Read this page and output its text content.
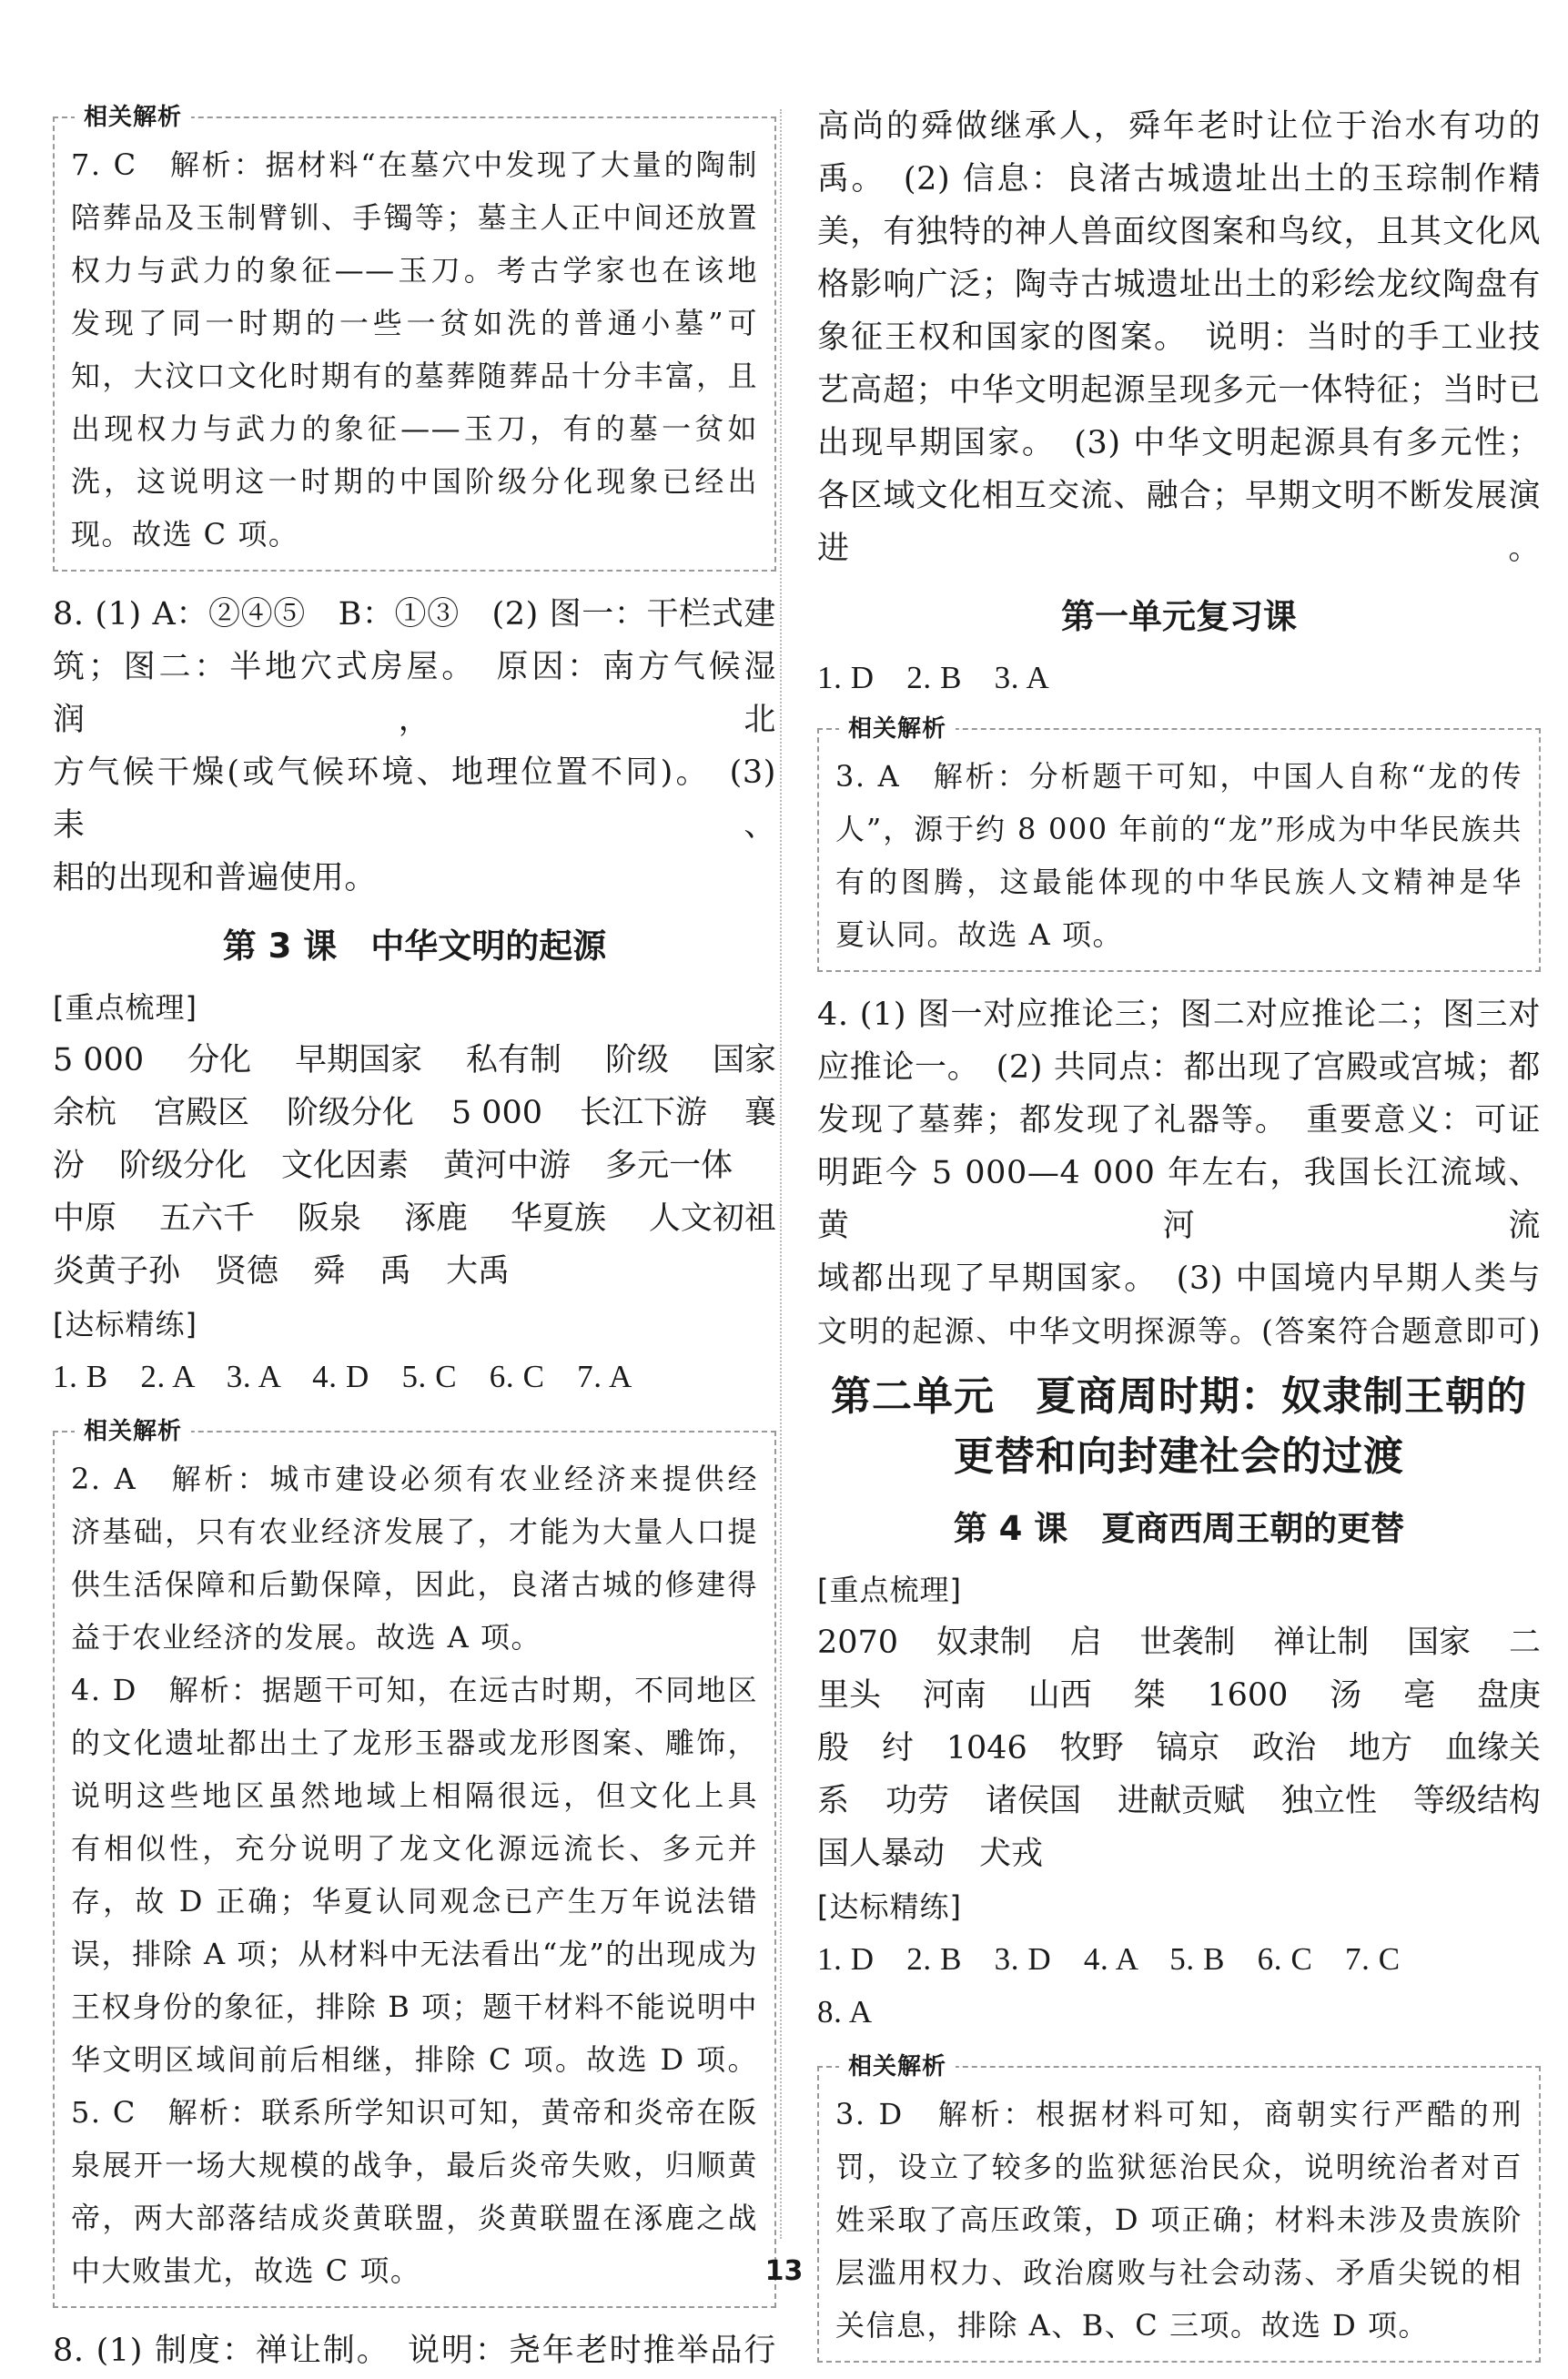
相关解析
7. C　解析：据材料“在墓穴中发现了大量的陶制
陪葬品及玉制臂钏、手镯等；墓主人正中间还放置
权力与武力的象征——玉刀。考古学家也在该地
发现了同一时期的一些一贫如洗的普通小墓”可
知，大汶口文化时期有的墓葬随葬品十分丰富，且
出现权力与武力的象征——玉刀，有的墓一贫如
洗，这说明这一时期的中国阶级分化现象已经出
现。故选 C 项。
8. (1) A：②④⑤　B：①③　(2) 图一：干栏式建
筑；图二：半地穴式房屋。　原因：南方气候湿润，北
方气候干燥(或气候环境、地理位置不同)。　(3) 耒、
耜的出现和普遍使用。
第 3 课　中华文明的起源
[重点梳理]
5 000 分化 早期国家 私有制 阶级 国家
余杭 宫殿区 阶级分化 5 000 长江下游 襄
汾 阶级分化 文化因素 黄河中游 多元一体
中原 五六千 阪泉 涿鹿 华夏族 人文初祖
炎黄子孙 贤德 舜 禹 大禹
[达标精练]
1. B　2. A　3. A　4. D　5. C　6. C　7. A
相关解析
2. A　解析：城市建设必须有农业经济来提供经
济基础，只有农业经济发展了，才能为大量人口提
供生活保障和后勤保障，因此，良渚古城的修建得
益于农业经济的发展。故选 A 项。
4. D　解析：据题干可知，在远古时期，不同地区
的文化遗址都出土了龙形玉器或龙形图案、雕饰，
说明这些地区虽然地域上相隔很远，但文化上具
有相似性，充分说明了龙文化源远流长、多元并
存，故 D 正确；华夏认同观念已产生万年说法错
误，排除 A 项；从材料中无法看出“龙”的出现成为
王权身份的象征，排除 B 项；题干材料不能说明中
华文明区域间前后相继，排除 C 项。故选 D 项。
5. C　解析：联系所学知识可知，黄帝和炎帝在阪
泉展开一场大规模的战争，最后炎帝失败，归顺黄
帝，两大部落结成炎黄联盟，炎黄联盟在涿鹿之战
中大败蚩尤，故选 C 项。
8. (1) 制度：禅让制。　说明：尧年老时推举品行
高尚的舜做继承人，舜年老时让位于治水有功的
禹。　(2) 信息：良渚古城遗址出土的玉琮制作精
美，有独特的神人兽面纹图案和鸟纹，且其文化风
格影响广泛；陶寺古城遗址出土的彩绘龙纹陶盘有
象征王权和国家的图案。　说明：当时的手工业技
艺高超；中华文明起源呈现多元一体特征；当时已
出现早期国家。　(3) 中华文明起源具有多元性；
各区域文化相互交流、融合；早期文明不断发展演进。
第一单元复习课
1. D　2. B　3. A
相关解析
3. A　解析：分析题干可知，中国人自称“龙的传
人”，源于约 8 000 年前的“龙”形成为中华民族共
有的图腾，这最能体现的中华民族人文精神是华
夏认同。故选 A 项。
4. (1) 图一对应推论三；图二对应推论二；图三对
应推论一。　(2) 共同点：都出现了宫殿或宫城；都
发现了墓葬；都发现了礼器等。　重要意义：可证
明距今 5 000—4 000 年左右，我国长江流域、黄河流
域都出现了早期国家。　(3) 中国境内早期人类与
文明的起源、中华文明探源等。(答案符合题意即可)
第二单元　夏商周时期：奴隶制王朝的
更替和向封建社会的过渡
第 4 课　夏商西周王朝的更替
[重点梳理]
2070 奴隶制 启 世袭制 禅让制 国家 二
里头 河南 山西 桀 1600 汤 亳 盘庚
殷 纣 1046 牧野 镐京 政治 地方 血缘关
系 功劳 诸侯国 进献贡赋 独立性 等级结构
国人暴动 犬戎
[达标精练]
1. D　2. B　3. D　4. A　5. B　6. C　7. C
8. A
相关解析
3. D　解析：根据材料可知，商朝实行严酷的刑
罚，设立了较多的监狱惩治民众，说明统治者对百
姓采取了高压政策，D 项正确；材料未涉及贵族阶
层滥用权力、政治腐败与社会动荡、矛盾尖锐的相
关信息，排除 A、B、C 三项。故选 D 项。
13
